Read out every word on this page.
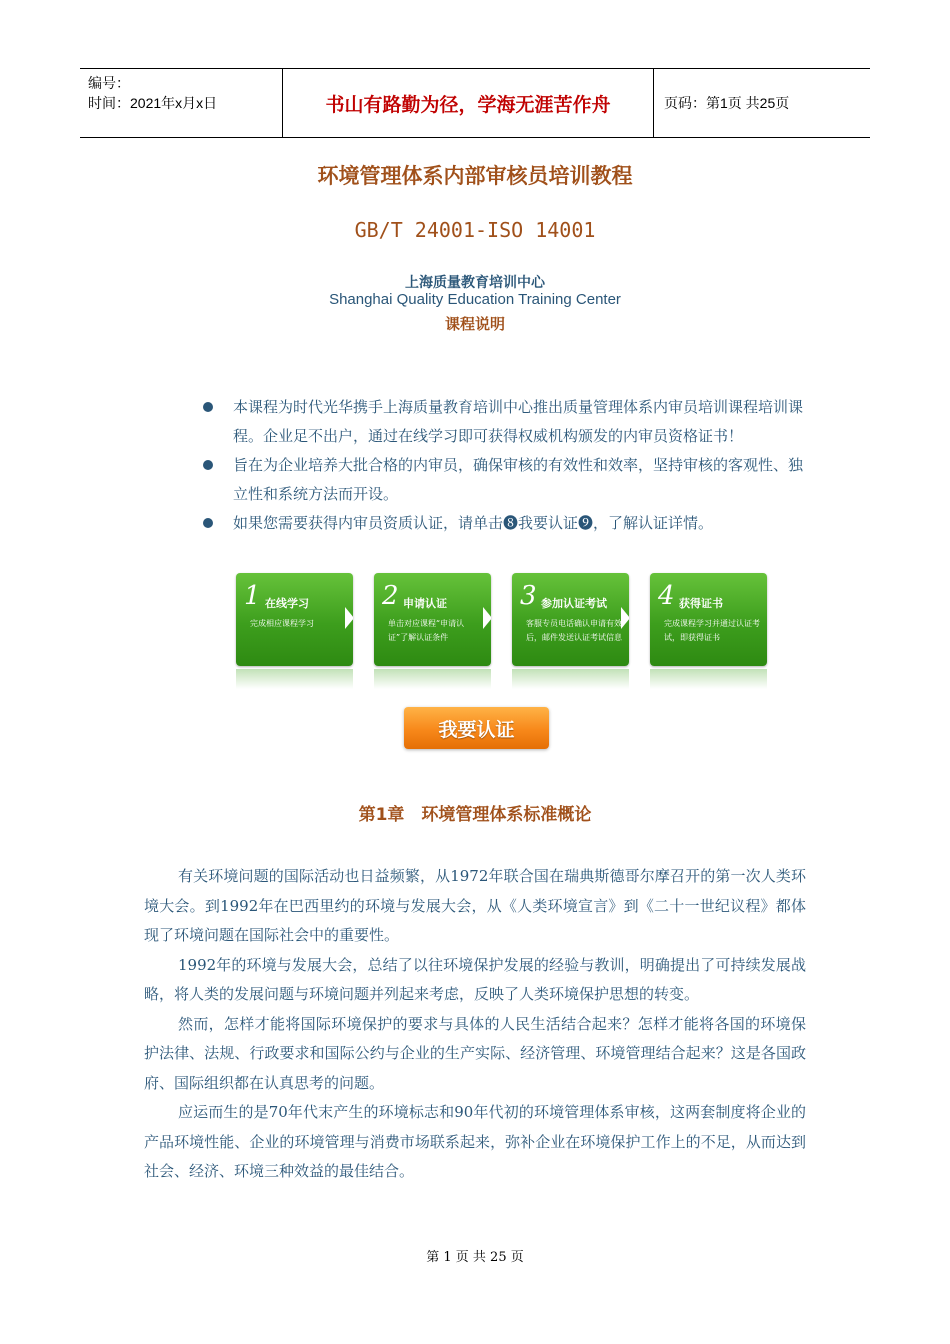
编号：
时间：2021年x月x日	书山有路勤为径，学海无涯苦作舟	页码：第1页 共25页
环境管理体系内部审核员培训教程
GB/T 24001-ISO 14001
上海质量教育培训中心
Shanghai Quality Education Training Center
课程说明
本课程为时代光华携手上海质量教育培训中心推出质量管理体系内审员培训课程培训课程。企业足不出户，通过在线学习即可获得权威机构颁发的内审员资格证书！
旨在为企业培养大批合格的内审员，确保审核的有效性和效率，坚持审核的客观性、独立性和系统方法而开设。
如果您需要获得内审员资质认证，请单击❽我要认证❾，了解认证详情。
1 在线学习
完成相应课程学习
2 申请认证
单击对应课程“申请认证”了解认证条件
3 参加认证考试
客服专员电话确认申请有效后，邮件发送认证考试信息
4 获得证书
完成课程学习并通过认证考试，即获得证书
我要认证
第1章　环境管理体系标准概论

有关环境问题的国际活动也日益频繁，从1972年联合国在瑞典斯德哥尔摩召开的第一次人类环境大会。到1992年在巴西里约的环境与发展大会，从《人类环境宣言》到《二十一世纪议程》都体现了环境问题在国际社会中的重要性。

1992年的环境与发展大会，总结了以往环境保护发展的经验与教训，明确提出了可持续发展战略，将人类的发展问题与环境问题并列起来考虑，反映了人类环境保护思想的转变。

然而，怎样才能将国际环境保护的要求与具体的人民生活结合起来？怎样才能将各国的环境保护法律、法规、行政要求和国际公约与企业的生产实际、经济管理、环境管理结合起来？这是各国政府、国际组织都在认真思考的问题。

应运而生的是70年代末产生的环境标志和90年代初的环境管理体系审核，这两套制度将企业的产品环境性能、企业的环境管理与消费市场联系起来，弥补企业在环境保护工作上的不足，从而达到社会、经济、环境三种效益的最佳结合。

第 1 页 共 25 页
